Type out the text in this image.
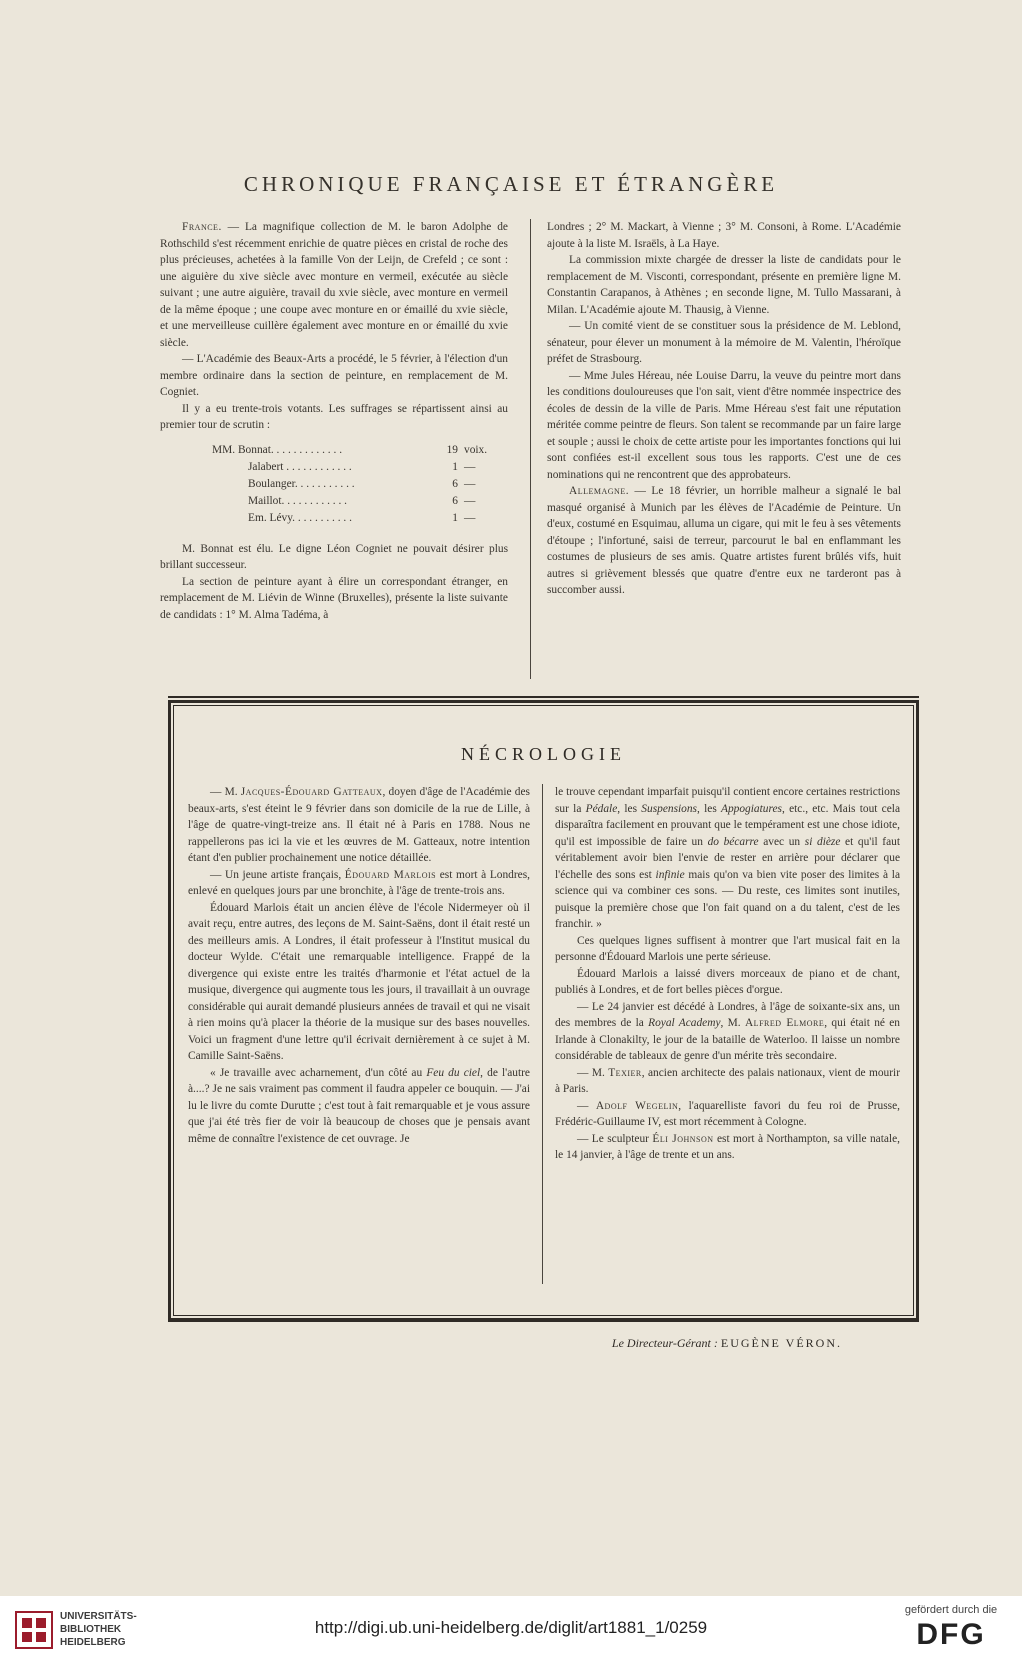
CHRONIQUE FRANÇAISE ET ÉTRANGÈRE

France. — La magnifique collection de M. le baron Adolphe de Rothschild s'est récemment enrichie de quatre pièces en cristal de roche des plus précieuses, achetées à la famille Von der Leijn, de Crefeld ; ce sont : une aiguière du xive siècle avec monture en vermeil, exécutée au siècle suivant ; une autre aiguière, travail du xvie siècle, avec monture en vermeil de la même époque ; une coupe avec monture en or émaillé du xvie siècle, et une merveilleuse cuillère également avec monture en or émaillé du xvie siècle.

— L'Académie des Beaux-Arts a procédé, le 5 février, à l'élection d'un membre ordinaire dans la section de peinture, en remplacement de M. Cogniet.

Il y a eu trente-trois votants. Les suffrages se répartissent ainsi au premier tour de scrutin :

MM. Bonnat. . . . . . . . . . . . .	19	voix.
Jalabert . . . . . . . . . . . .	1	—
Boulanger. . . . . . . . . . .	6	—
Maillot. . . . . . . . . . . .	6	—
Em. Lévy. . . . . . . . . . .	1	—

M. Bonnat est élu. Le digne Léon Cogniet ne pouvait désirer plus brillant successeur.

La section de peinture ayant à élire un correspondant étranger, en remplacement de M. Liévin de Winne (Bruxelles), présente la liste suivante de candidats : 1° M. Alma Tadéma, à

Londres ; 2° M. Mackart, à Vienne ; 3° M. Consoni, à Rome. L'Académie ajoute à la liste M. Israëls, à La Haye.

La commission mixte chargée de dresser la liste de candidats pour le remplacement de M. Visconti, correspondant, présente en première ligne M. Constantin Carapanos, à Athènes ; en seconde ligne, M. Tullo Massarani, à Milan. L'Académie ajoute M. Thausig, à Vienne.

— Un comité vient de se constituer sous la présidence de M. Leblond, sénateur, pour élever un monument à la mémoire de M. Valentin, l'héroïque préfet de Strasbourg.

— Mme Jules Héreau, née Louise Darru, la veuve du peintre mort dans les conditions douloureuses que l'on sait, vient d'être nommée inspectrice des écoles de dessin de la ville de Paris. Mme Héreau s'est fait une réputation méritée comme peintre de fleurs. Son talent se recommande par un faire large et souple ; aussi le choix de cette artiste pour les importantes fonctions qui lui sont confiées est-il excellent sous tous les rapports. C'est une de ces nominations qui ne rencontrent que des approbateurs.

Allemagne. — Le 18 février, un horrible malheur a signalé le bal masqué organisé à Munich par les élèves de l'Académie de Peinture. Un d'eux, costumé en Esquimau, alluma un cigare, qui mit le feu à ses vêtements d'étoupe ; l'infortuné, saisi de terreur, parcourut le bal en enflammant les costumes de plusieurs de ses amis. Quatre artistes furent brûlés vifs, huit autres si grièvement blessés que quatre d'entre eux ne tarderont pas à succomber aussi.

NÉCROLOGIE

— M. Jacques-Édouard Gatteaux, doyen d'âge de l'Académie des beaux-arts, s'est éteint le 9 février dans son domicile de la rue de Lille, à l'âge de quatre-vingt-treize ans. Il était né à Paris en 1788. Nous ne rappellerons pas ici la vie et les œuvres de M. Gatteaux, notre intention étant d'en publier prochainement une notice détaillée.

— Un jeune artiste français, Édouard Marlois est mort à Londres, enlevé en quelques jours par une bronchite, à l'âge de trente-trois ans.

Édouard Marlois était un ancien élève de l'école Nidermeyer où il avait reçu, entre autres, des leçons de M. Saint-Saëns, dont il était resté un des meilleurs amis. A Londres, il était professeur à l'Institut musical du docteur Wylde. C'était une remarquable intelligence. Frappé de la divergence qui existe entre les traités d'harmonie et l'état actuel de la musique, divergence qui augmente tous les jours, il travaillait à un ouvrage considérable qui aurait demandé plusieurs années de travail et qui ne visait à rien moins qu'à placer la théorie de la musique sur des bases nouvelles. Voici un fragment d'une lettre qu'il écrivait dernièrement à ce sujet à M. Camille Saint-Saëns.

« Je travaille avec acharnement, d'un côté au Feu du ciel, de l'autre à....? Je ne sais vraiment pas comment il faudra appeler ce bouquin. — J'ai lu le livre du comte Durutte ; c'est tout à fait remarquable et je vous assure que j'ai été très fier de voir là beaucoup de choses que je pensais avant même de connaître l'existence de cet ouvrage. Je

le trouve cependant imparfait puisqu'il contient encore certaines restrictions sur la Pédale, les Suspensions, les Appogiatures, etc., etc. Mais tout cela disparaîtra facilement en prouvant que le tempérament est une chose idiote, qu'il est impossible de faire un do bécarre avec un si dièze et qu'il faut véritablement avoir bien l'envie de rester en arrière pour déclarer que l'échelle des sons est infinie mais qu'on va bien vite poser des limites à la science qui va combiner ces sons. — Du reste, ces limites sont inutiles, puisque la première chose que l'on fait quand on a du talent, c'est de les franchir. »

Ces quelques lignes suffisent à montrer que l'art musical fait en la personne d'Édouard Marlois une perte sérieuse.

Édouard Marlois a laissé divers morceaux de piano et de chant, publiés à Londres, et de fort belles pièces d'orgue.

— Le 24 janvier est décédé à Londres, à l'âge de soixante-six ans, un des membres de la Royal Academy, M. Alfred Elmore, qui était né en Irlande à Clonakilty, le jour de la bataille de Waterloo. Il laisse un nombre considérable de tableaux de genre d'un mérite très secondaire.

— M. Texier, ancien architecte des palais nationaux, vient de mourir à Paris.

— Adolf Wegelin, l'aquarelliste favori du feu roi de Prusse, Frédéric-Guillaume IV, est mort récemment à Cologne.

— Le sculpteur Éli Johnson est mort à Northampton, sa ville natale, le 14 janvier, à l'âge de trente et un ans.

Le Directeur-Gérant : EUGÈNE VÉRON.
UNIVERSITÄTS-
BIBLIOTHEK
HEIDELBERG
http://digi.ub.uni-heidelberg.de/diglit/art1881_1/0259
gefördert durch die
DFG
